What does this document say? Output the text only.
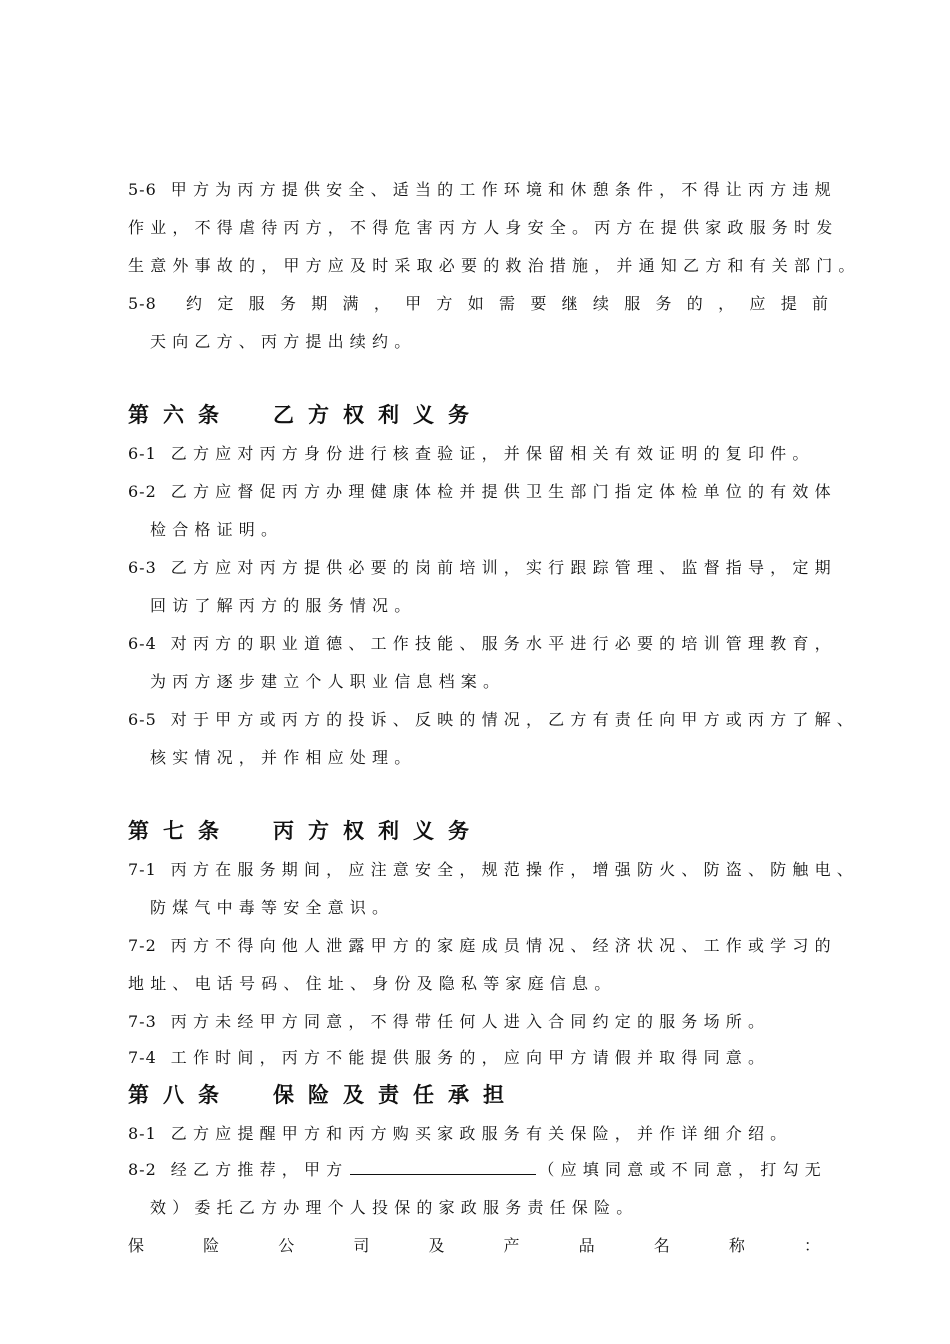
5-6 甲方为丙方提供安全、适当的工作环境和休憩条件，不得让丙方违规
作业，不得虐待丙方，不得危害丙方人身安全。丙方在提供家政服务时发
生意外事故的，甲方应及时采取必要的救治措施，并通知乙方和有关部门。
5-8 约 定 服 务 期 满 ， 甲 方 如 需 要 继 续 服 务 的 ， 应 提 前
天向乙方、丙方提出续约。
第六条 乙方权利义务
6-1 乙方应对丙方身份进行核查验证，并保留相关有效证明的复印件。
6-2 乙方应督促丙方办理健康体检并提供卫生部门指定体检单位的有效体
检合格证明。
6-3 乙方应对丙方提供必要的岗前培训，实行跟踪管理、监督指导，定期
回访了解丙方的服务情况。
6-4 对丙方的职业道德、工作技能、服务水平进行必要的培训管理教育，
为丙方逐步建立个人职业信息档案。
6-5 对于甲方或丙方的投诉、反映的情况，乙方有责任向甲方或丙方了解、
核实情况，并作相应处理。
第七条 丙方权利义务
7-1 丙方在服务期间，应注意安全，规范操作，增强防火、防盗、防触电、
防煤气中毒等安全意识。
7-2 丙方不得向他人泄露甲方的家庭成员情况、经济状况、工作或学习的
地址、电话号码、住址、身份及隐私等家庭信息。
7-3 丙方未经甲方同意，不得带任何人进入合同约定的服务场所。
7-4 工作时间，丙方不能提供服务的，应向甲方请假并取得同意。
第八条 保险及责任承担
8-1 乙方应提醒甲方和丙方购买家政服务有关保险，并作详细介绍。
8-2 经乙方推荐，甲方	（应填同意或不同意，打勾无
效）委托乙方办理个人投保的家政服务责任保险。
保	险	公	司	及	产	品	名	称	：
